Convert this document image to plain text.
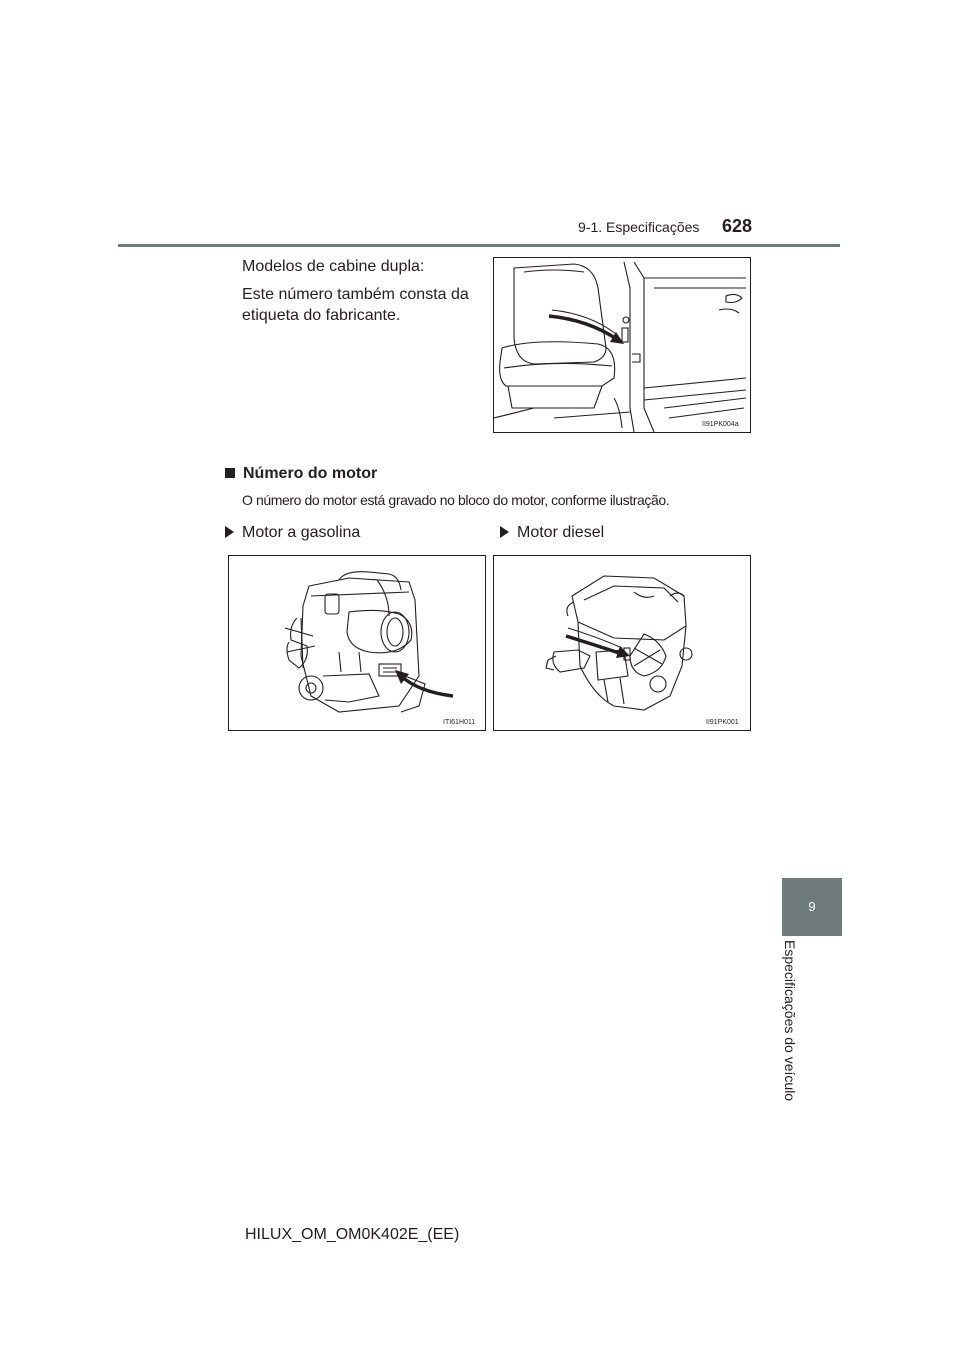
9-1. Especificações 628
Modelos de cabine dupla:
Este número também consta da
etiqueta do fabricante.
II91PK004a
Número do motor
O número do motor está gravado no bloco do motor, conforme ilustração.
Motor a gasolina	Motor diesel
ITI61H011	II91PK001
9
Especificações do veículo
HILUX_OM_OM0K402E_(EE)
